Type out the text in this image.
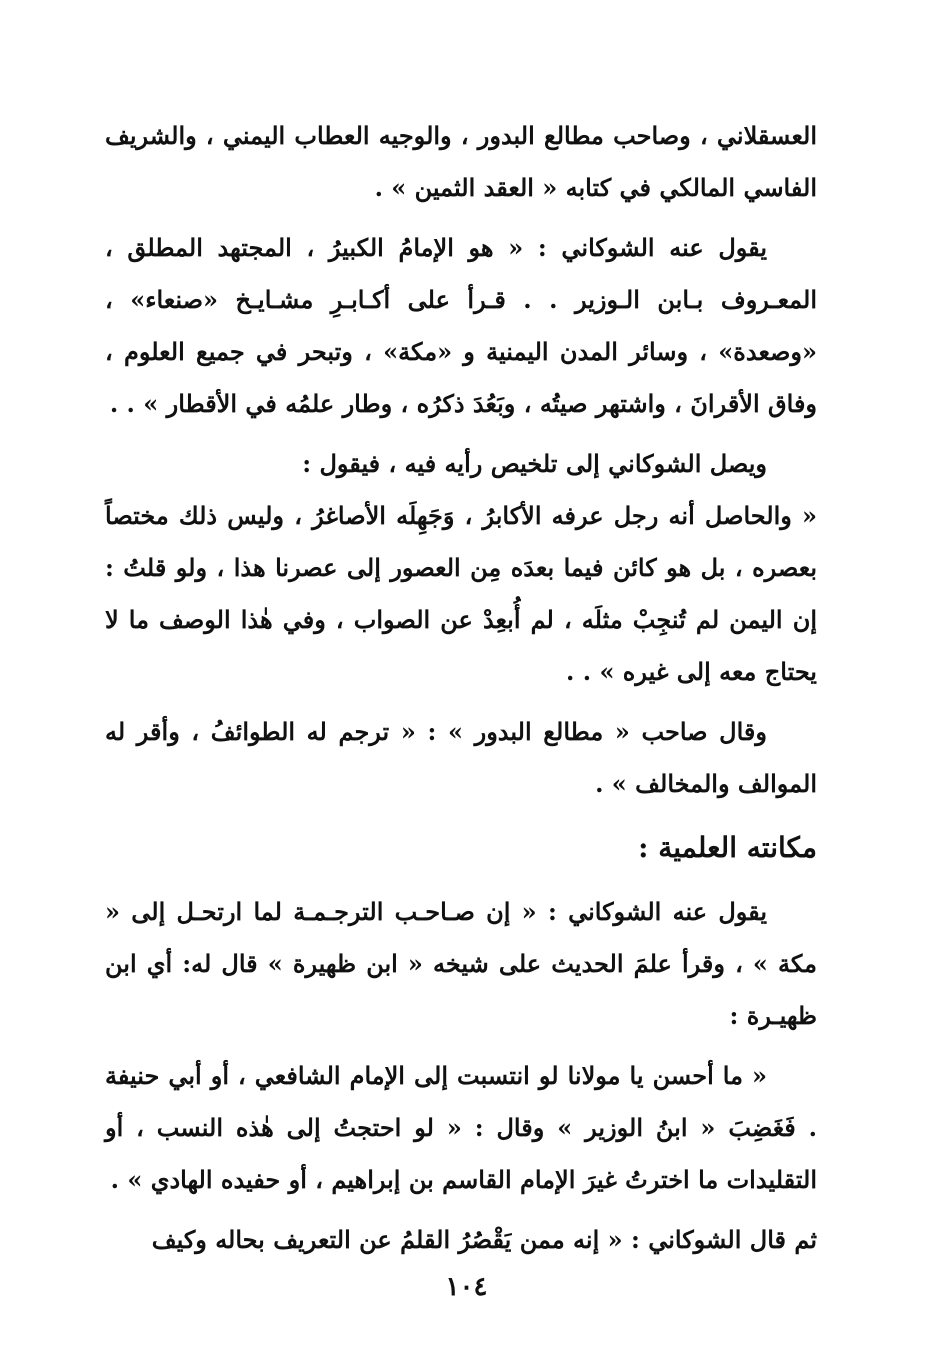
العسقلاني ، وصاحب مطالع البدور ، والوجيه العطاب اليمني ، والشريف الفاسي المالكي في كتابه « العقد الثمين » .

يقول عنه الشوكاني : « هو الإمامُ الكبيرُ ، المجتهد المطلق ، المعـروف بـابن الـوزير . . قـرأ على أكـابـرِ مشـايـخ «صنعاء» ، «وصعدة» ، وسائر المدن اليمنية و «مكة» ، وتبحر في جميع العلوم ، وفاق الأقرانَ ، واشتهر صيتُه ، وبَعُدَ ذكرُه ، وطار علمُه في الأقطار » . .

ويصل الشوكاني إلى تلخيص رأيه فيه ، فيقول :

« والحاصل أنه رجل عرفه الأكابرُ ، وَجَهِلَه الأصاغرُ ، وليس ذلك مختصاً بعصره ، بل هو كائن فيما بعدَه مِن العصور إلى عصرنا هذا ، ولو قلتُ : إن اليمن لم تُنجِبْ مثلَه ، لم أُبعِدْ عن الصواب ، وفي هٰذا الوصف ما لا يحتاج معه إلى غيره » . .

وقال صاحب « مطالع البدور » : « ترجم له الطوائفُ ، وأقر له الموالف والمخالف » .

مكانته العلمية :

يقول عنه الشوكاني : « إن صـاحـب الترجـمـة لما ارتحـل إلى « مكة » ، وقرأ علمَ الحديث على شيخه « ابن ظهيرة » قال له: أي ابن ظهيـرة :

« ما أحسن يا مولانا لو انتسبت إلى الإمام الشافعي ، أو أبي حنيفة . فَغَضِبَ « ابنُ الوزير » وقال : « لو احتجتُ إلى هٰذه النسب ، أو التقليدات ما اخترتُ غيرَ الإمام القاسم بن إبراهيم ، أو حفيده الهادي » .

ثم قال الشوكاني : « إنه ممن يَقْصُرُ القلمُ عن التعريف بحاله وكيف

١٠٤
